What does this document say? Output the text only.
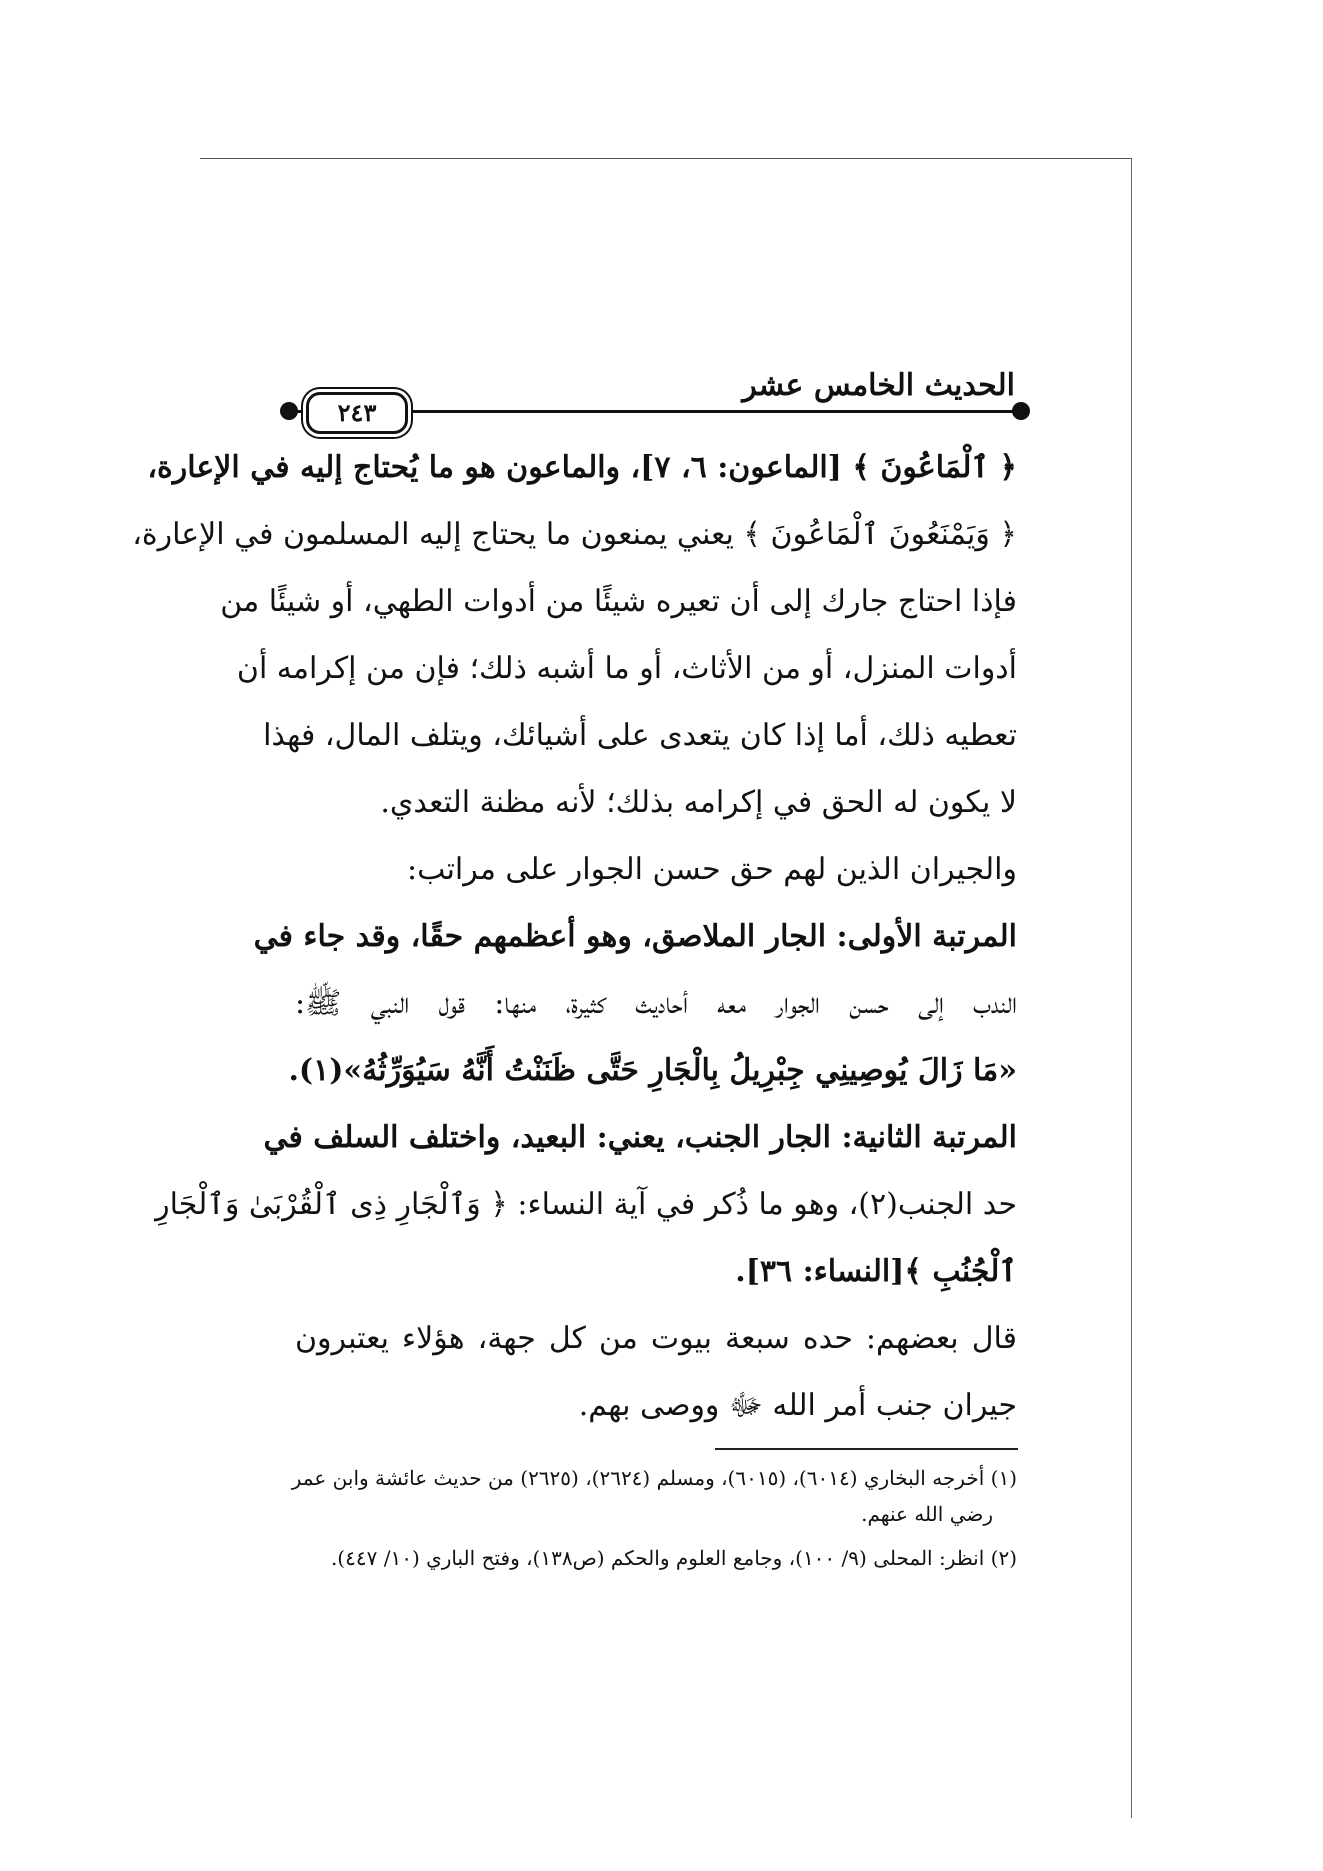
الحديث الخامس عشر
٢٤٣
﴿ ٱلْمَاعُونَ ﴾ [الماعون: ٦، ٧]، والماعون هو ما يُحتاج إليه في الإعارة،
﴿ وَيَمْنَعُونَ ٱلْمَاعُونَ ﴾ يعني يمنعون ما يحتاج إليه المسلمون في الإعارة،
فإذا احتاج جارك إلى أن تعيره شيئًا من أدوات الطهي، أو شيئًا من
أدوات المنزل، أو من الأثاث، أو ما أشبه ذلك؛ فإن من إكرامه أن
تعطيه ذلك، أما إذا كان يتعدى على أشيائك، ويتلف المال، فهذا
لا يكون له الحق في إكرامه بذلك؛ لأنه مظنة التعدي.
والجيران الذين لهم حق حسن الجوار على مراتب:
المرتبة الأولى: الجار الملاصق، وهو أعظمهم حقًا، وقد جاء في
الندب إلى حسن الجوار معه أحاديث كثيرة، منها: قول النبي ﷺ:
«مَا زَالَ يُوصِينِي جِبْرِيلُ بِالْجَارِ حَتَّى ظَنَنْتُ أَنَّهُ سَيُوَرِّثُهُ»(١).
المرتبة الثانية: الجار الجنب، يعني: البعيد، واختلف السلف في
حد الجنب(٢)، وهو ما ذُكر في آية النساء: ﴿ وَٱلْجَارِ ذِى ٱلْقُرْبَىٰ وَٱلْجَارِ
ٱلْجُنُبِ ﴾[النساء: ٣٦].
قال بعضهم: حده سبعة بيوت من كل جهة، هؤلاء يعتبرون
جيران جنب أمر الله ﷻ ووصى بهم.
(١) أخرجه البخاري (٦٠١٤)، (٦٠١٥)، ومسلم (٢٦٢٤)، (٢٦٢٥) من حديث عائشة وابن عمر
رضي الله عنهم.
(٢) انظر: المحلى (٩/ ١٠٠)، وجامع العلوم والحكم (ص١٣٨)، وفتح الباري (١٠/ ٤٤٧).
